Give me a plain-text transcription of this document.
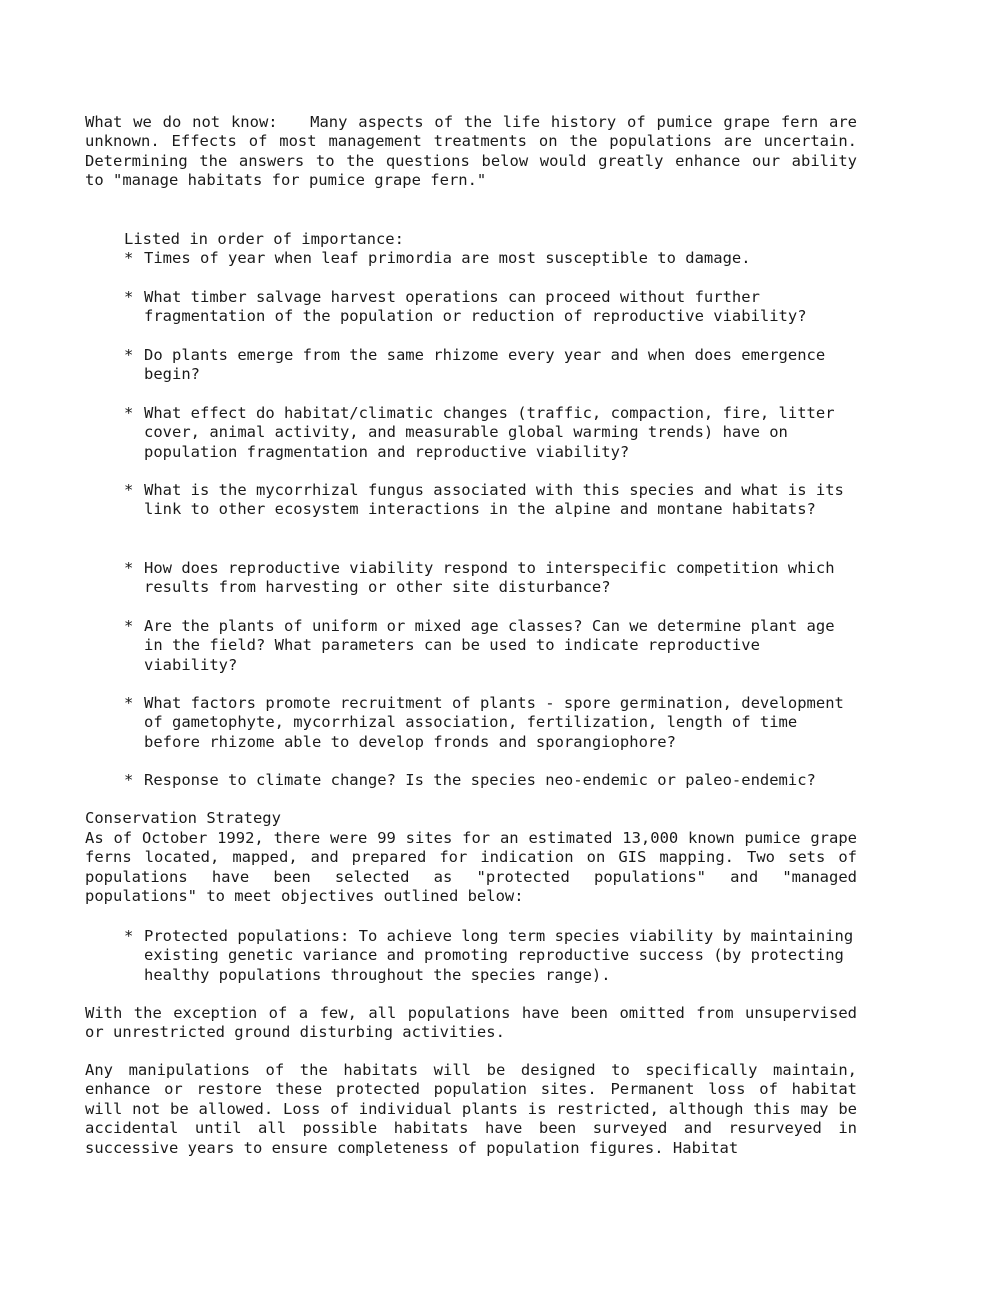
What we do not know: Many aspects of the life history of pumice grape fern are unknown. Effects of most management treatments on the populations are uncertain. Determining the answers to the questions below would greatly enhance our ability to "manage habitats for pumice grape fern."
Listed in order of importance:
* Times of year when leaf primordia are most susceptible to damage.
* What timber salvage harvest operations can proceed without further fragmentation of the population or reduction of reproductive viability?
* Do plants emerge from the same rhizome every year and when does emergence begin?
* What effect do habitat/climatic changes (traffic, compaction, fire, litter cover, animal activity, and measurable global warming trends) have on population fragmentation and reproductive viability?
* What is the mycorrhizal fungus associated with this species and what is its link to other ecosystem interactions in the alpine and montane habitats?
* How does reproductive viability respond to interspecific competition which results from harvesting or other site disturbance?
* Are the plants of uniform or mixed age classes? Can we determine plant age in the field? What parameters can be used to indicate reproductive viability?
* What factors promote recruitment of plants - spore germination, development of gametophyte, mycorrhizal association, fertilization, length of time before rhizome able to develop fronds and sporangiophore?
* Response to climate change? Is the species neo-endemic or paleo-endemic?
Conservation Strategy
As of October 1992, there were 99 sites for an estimated 13,000 known pumice grape ferns located, mapped, and prepared for indication on GIS mapping. Two sets of populations have been selected as "protected populations" and "managed populations" to meet objectives outlined below:
* Protected populations: To achieve long term species viability by maintaining existing genetic variance and promoting reproductive success (by protecting healthy populations throughout the species range).
With the exception of a few, all populations have been omitted from unsupervised or unrestricted ground disturbing activities.
Any manipulations of the habitats will be designed to specifically maintain, enhance or restore these protected population sites. Permanent loss of habitat will not be allowed. Loss of individual plants is restricted, although this may be accidental until all possible habitats have been surveyed and resurveyed in successive years to ensure completeness of population figures. Habitat
